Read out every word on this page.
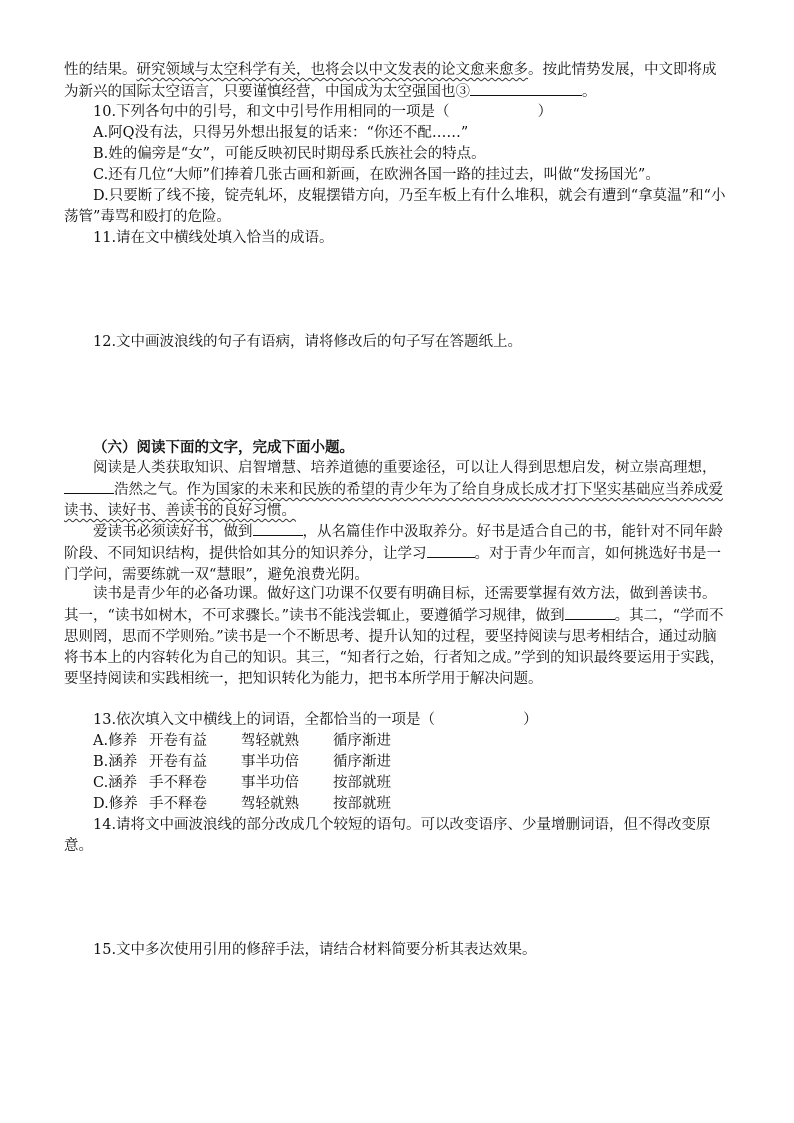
性的结果。研究领域与太空科学有关，也将会以中文发表的论文愈来愈多。按此情势发展，中文即将成为新兴的国际太空语言，只要谨慎经营，中国成为太空强国也③	。

10.下列各句中的引号，和文中引号作用相同的一项是（	）

A.阿Q没有法，只得另外想出报复的话来：“你还不配……”

B.姓的偏旁是“女”，可能反映初民时期母系氏族社会的特点。

C.还有几位“大师”们捧着几张古画和新画，在欧洲各国一路的挂过去，叫做“发扬国光”。

D.只要断了线不接，锭壳轧坏，皮辊摆错方向，乃至车板上有什么堆积，就会有遭到“拿莫温”和“小荡管”毒骂和殴打的危险。

11.请在文中横线处填入恰当的成语。

12.文中画波浪线的句子有语病，请将修改后的句子写在答题纸上。

（六）阅读下面的文字，完成下面小题。

阅读是人类获取知识、启智增慧、培养道德的重要途径，可以让人得到思想启发，树立崇高理想，浩然之气。作为国家的未来和民族的希望的青少年为了给自身成长成才打下坚实基础应当养成爱读书、读好书、善读书的良好习惯。

爱读书必须读好书，做到	，从名篇佳作中汲取养分。好书是适合自己的书，能针对不同年龄阶段、不同知识结构，提供恰如其分的知识养分，让学习	。对于青少年而言，如何挑选好书是一门学问，需要练就一双“慧眼”，避免浪费光阴。

读书是青少年的必备功课。做好这门功课不仅要有明确目标，还需要掌握有效方法，做到善读书。其一，“读书如树木，不可求骤长。”读书不能浅尝辄止，要遵循学习规律，做到	。其二，“学而不思则罔，思而不学则殆。”读书是一个不断思考、提升认知的过程，要坚持阅读与思考相结合，通过动脑将书本上的内容转化为自己的知识。其三，“知者行之始，行者知之成。”学到的知识最终要运用于实践，要坚持阅读和实践相统一，把知识转化为能力，把书本所学用于解决问题。

13.依次填入文中横线上的词语，全都恰当的一项是（	）

A.修养 开卷有益	驾轻就熟	循序渐进
B.涵养 开卷有益	事半功倍	循序渐进
C.涵养 手不释卷	事半功倍	按部就班
D.修养 手不释卷	驾轻就熟	按部就班

14.请将文中画波浪线的部分改成几个较短的语句。可以改变语序、少量增删词语，但不得改变原意。

15.文中多次使用引用的修辞手法，请结合材料简要分析其表达效果。
